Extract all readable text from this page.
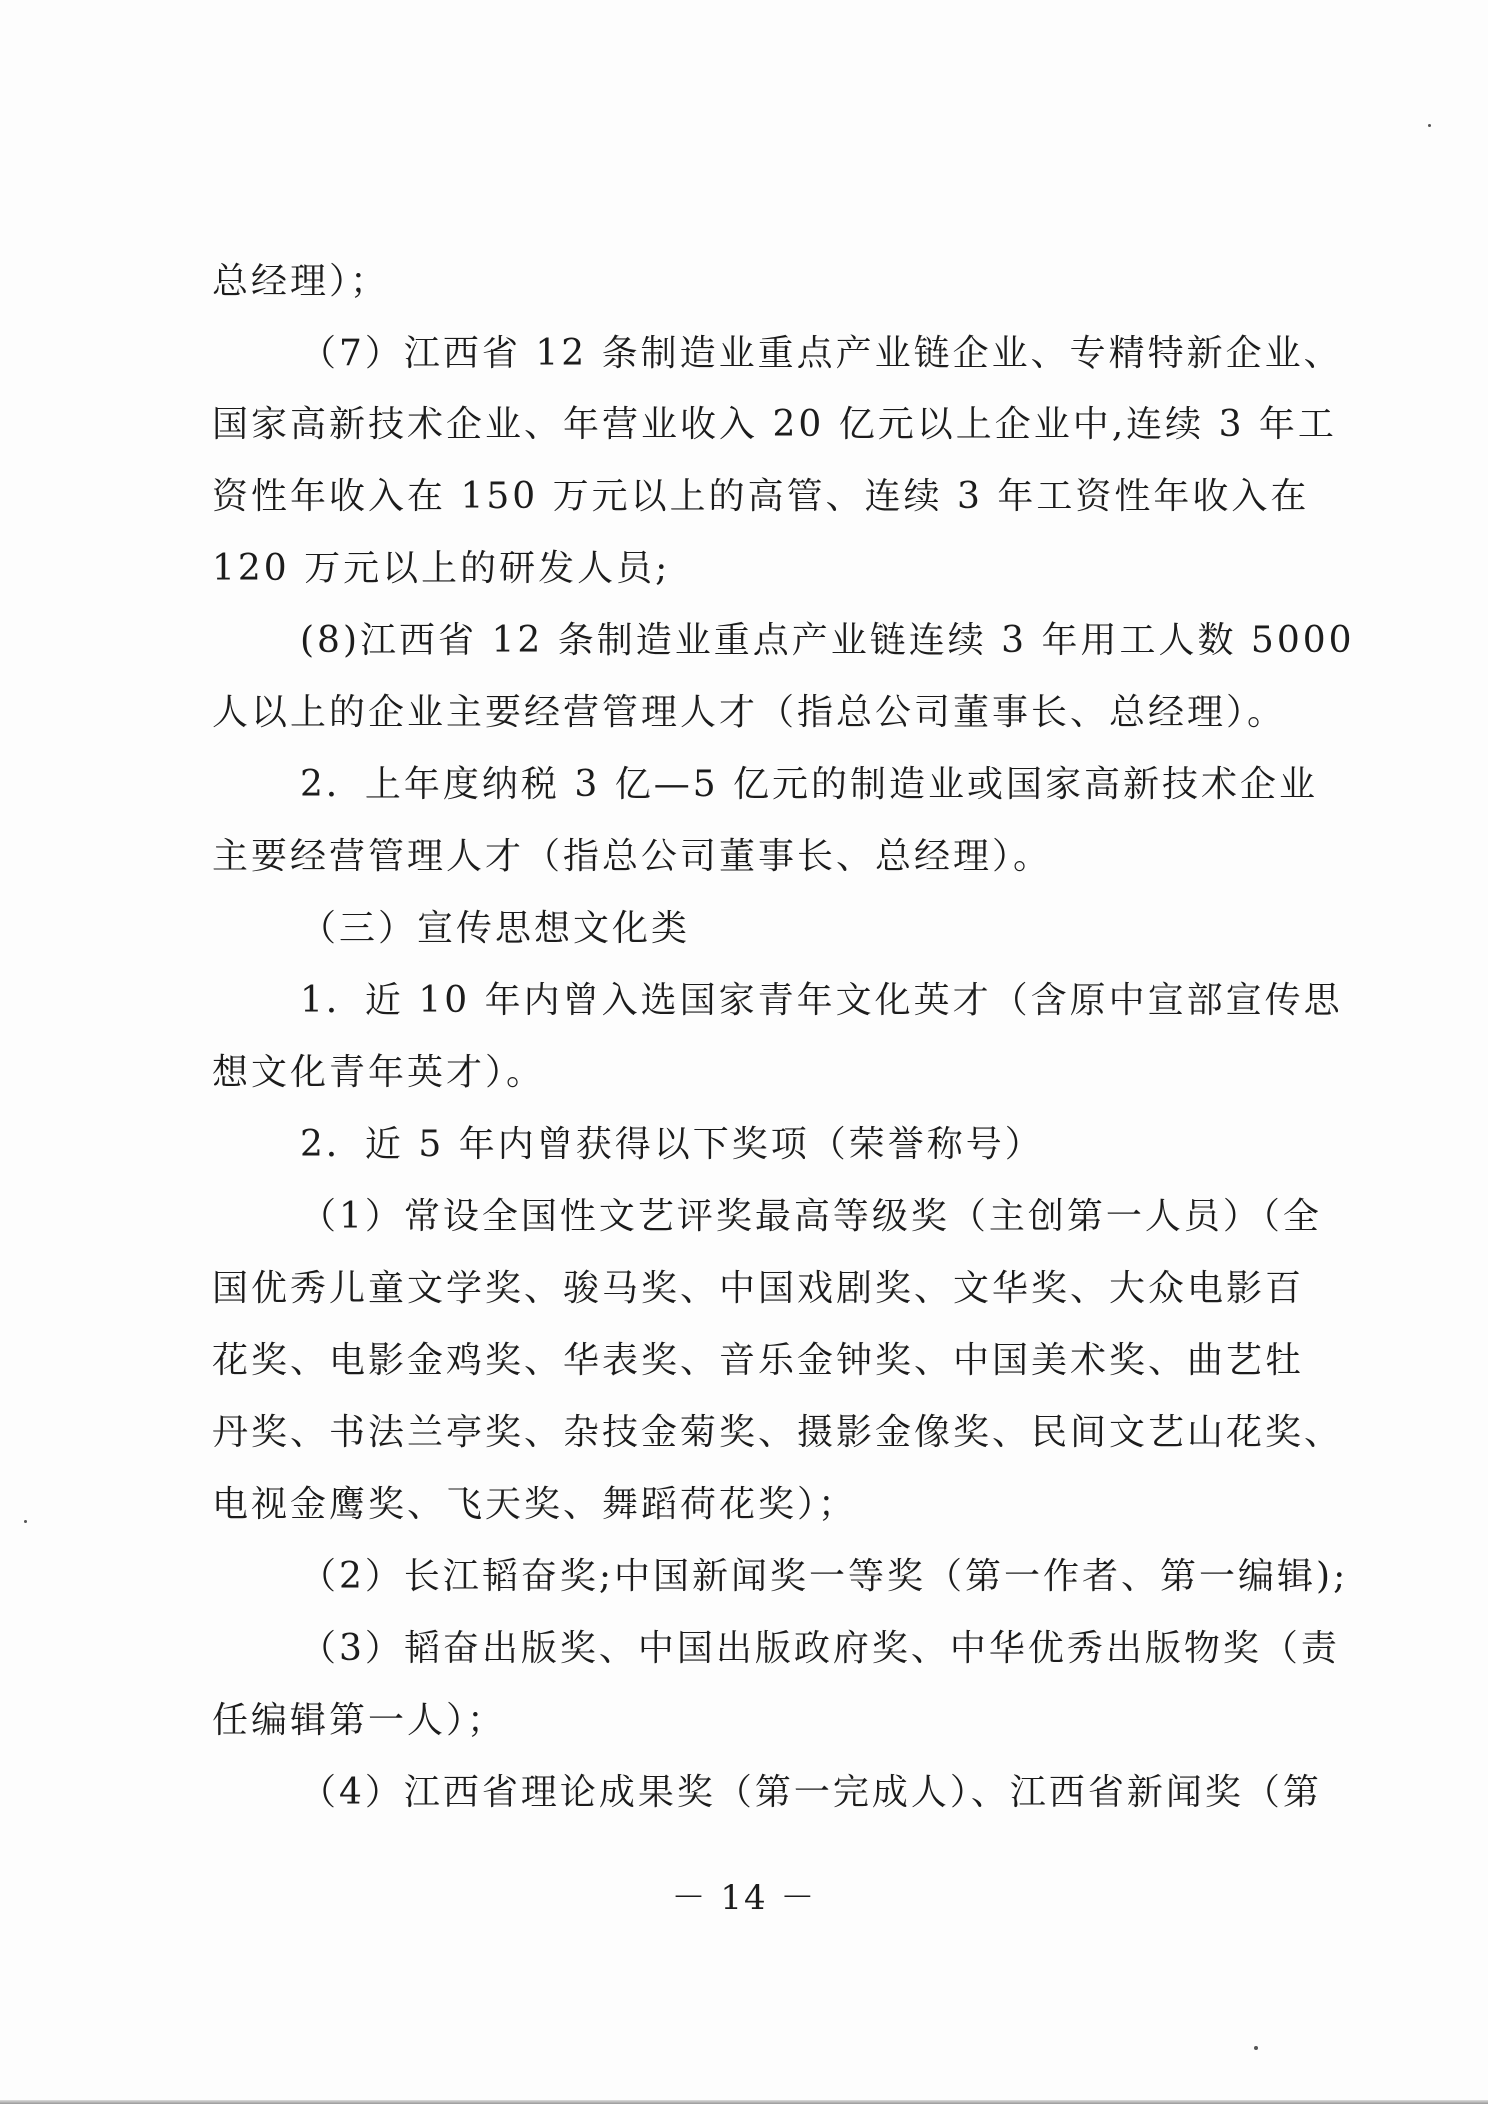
总经理）；
（7）江西省 12 条制造业重点产业链企业、专精特新企业、
国家高新技术企业、年营业收入 20 亿元以上企业中,连续 3 年工
资性年收入在 150 万元以上的高管、连续 3 年工资性年收入在
120 万元以上的研发人员;
(8)江西省 12 条制造业重点产业链连续 3 年用工人数 5000
人以上的企业主要经营管理人才（指总公司董事长、总经理）。
2．上年度纳税 3 亿—5 亿元的制造业或国家高新技术企业
主要经营管理人才（指总公司董事长、总经理）。
（三）宣传思想文化类
1．近 10 年内曾入选国家青年文化英才（含原中宣部宣传思
想文化青年英才）。
2．近 5 年内曾获得以下奖项（荣誉称号）
（1）常设全国性文艺评奖最高等级奖（主创第一人员）（全
国优秀儿童文学奖、骏马奖、中国戏剧奖、文华奖、大众电影百
花奖、电影金鸡奖、华表奖、音乐金钟奖、中国美术奖、曲艺牡
丹奖、书法兰亭奖、杂技金菊奖、摄影金像奖、民间文艺山花奖、
电视金鹰奖、飞天奖、舞蹈荷花奖）；
（2）长江韬奋奖;中国新闻奖一等奖（第一作者、第一编辑);
（3）韬奋出版奖、中国出版政府奖、中华优秀出版物奖（责
任编辑第一人）；
（4）江西省理论成果奖（第一完成人）、江西省新闻奖（第
－ 14 －
